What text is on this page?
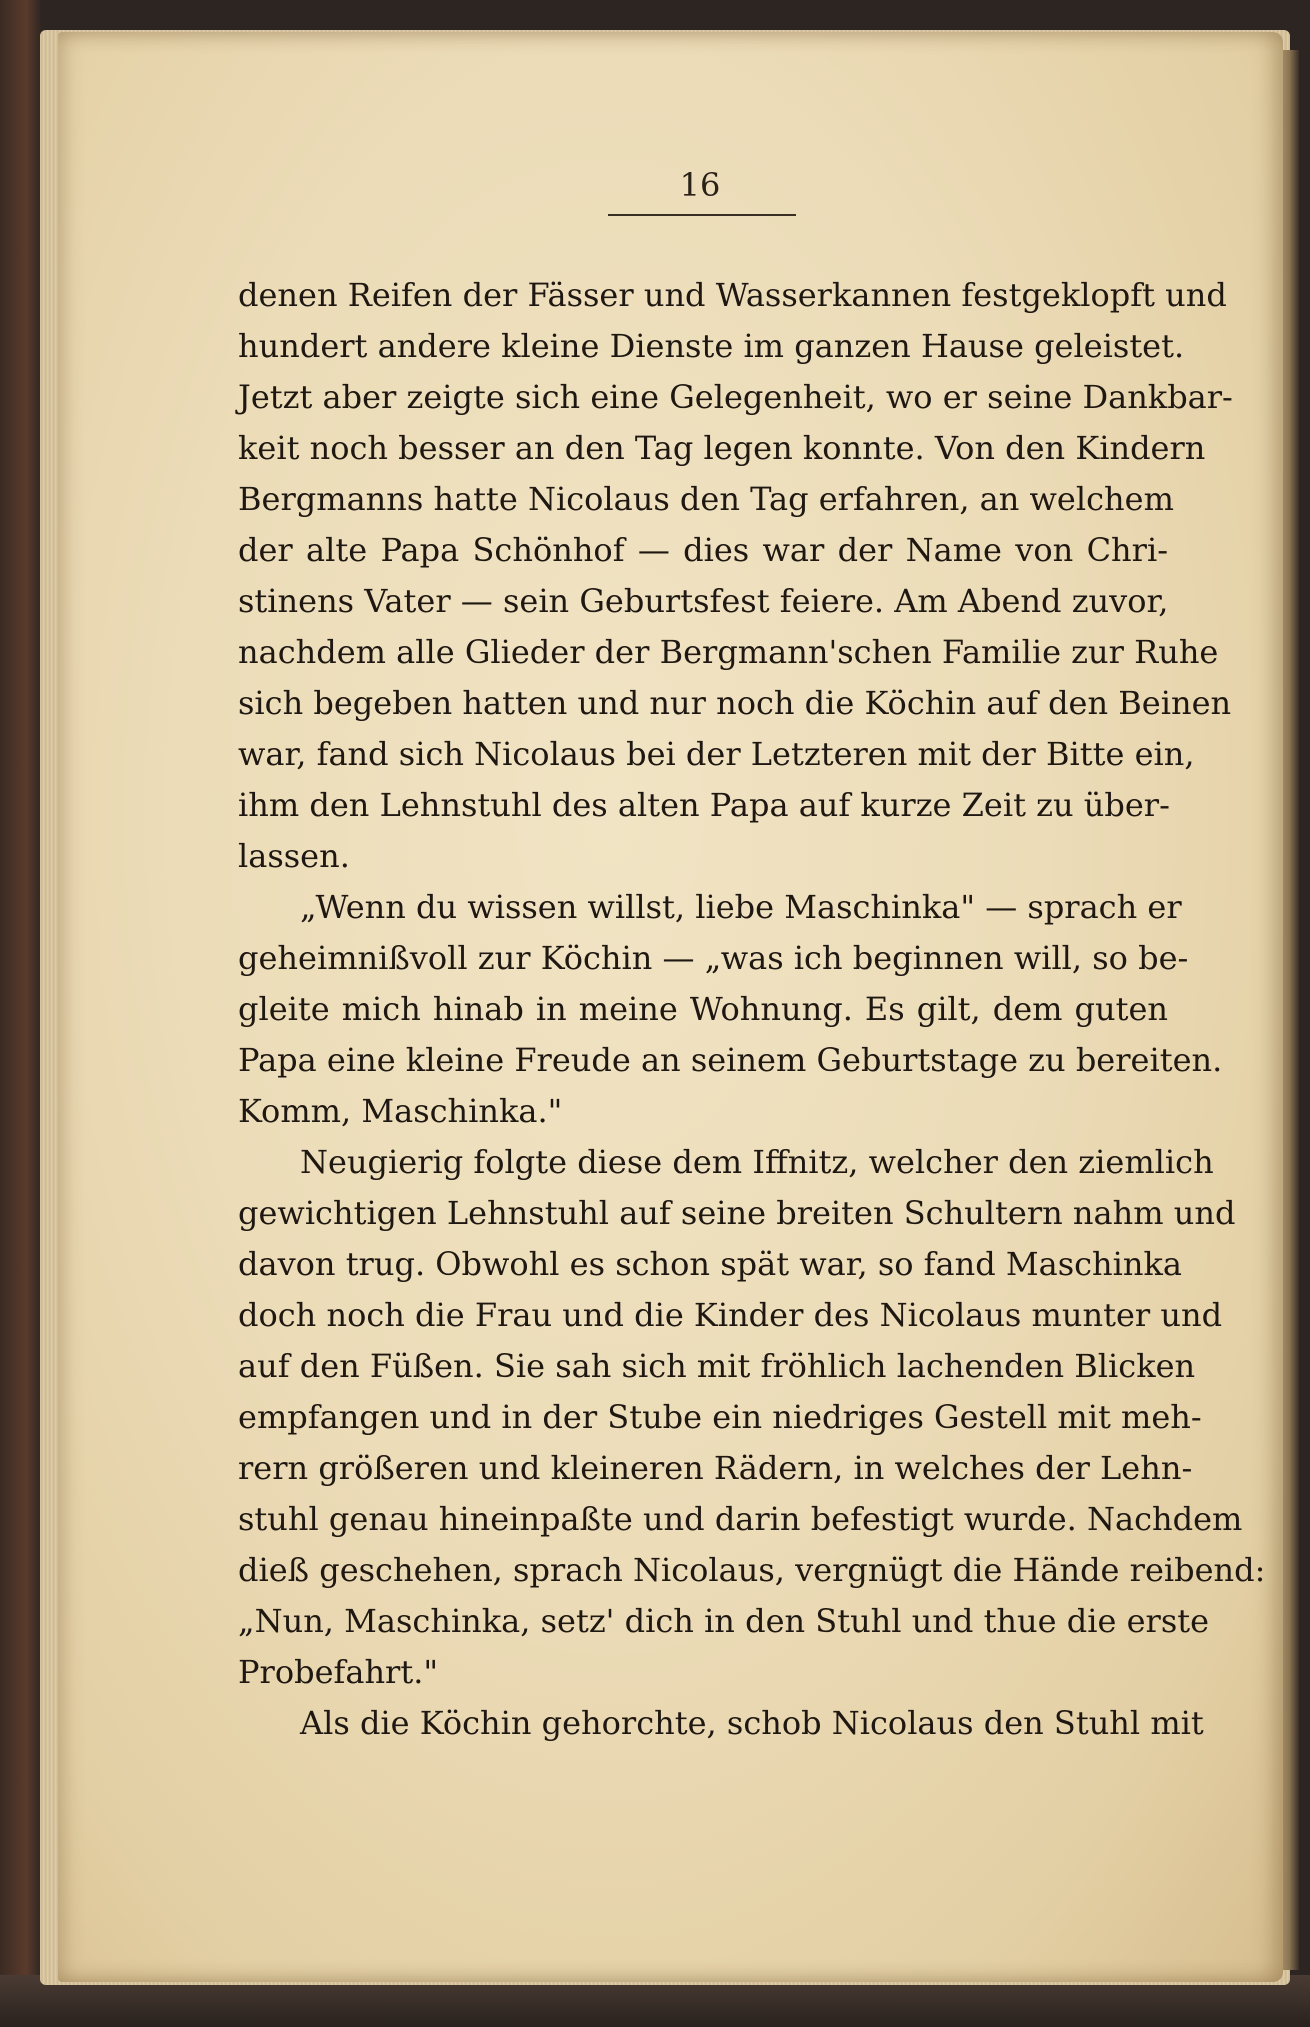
16
denen Reifen der Fässer und Wasserkannen festgeklopft und
hundert andere kleine Dienste im ganzen Hause geleistet.
Jetzt aber zeigte sich eine Gelegenheit, wo er seine Dankbar-
keit noch besser an den Tag legen konnte. Von den Kindern
Bergmanns hatte Nicolaus den Tag erfahren, an welchem
der alte Papa Schönhof — dies war der Name von Chri-
stinens Vater — sein Geburtsfest feiere. Am Abend zuvor,
nachdem alle Glieder der Bergmann'schen Familie zur Ruhe
sich begeben hatten und nur noch die Köchin auf den Beinen
war, fand sich Nicolaus bei der Letzteren mit der Bitte ein,
ihm den Lehnstuhl des alten Papa auf kurze Zeit zu über-
lassen.
„Wenn du wissen willst, liebe Maschinka" — sprach er
geheimnißvoll zur Köchin — „was ich beginnen will, so be-
gleite mich hinab in meine Wohnung. Es gilt, dem guten
Papa eine kleine Freude an seinem Geburtstage zu bereiten.
Komm, Maschinka."
Neugierig folgte diese dem Iffnitz, welcher den ziemlich
gewichtigen Lehnstuhl auf seine breiten Schultern nahm und
davon trug. Obwohl es schon spät war, so fand Maschinka
doch noch die Frau und die Kinder des Nicolaus munter und
auf den Füßen. Sie sah sich mit fröhlich lachenden Blicken
empfangen und in der Stube ein niedriges Gestell mit meh-
rern größeren und kleineren Rädern, in welches der Lehn-
stuhl genau hineinpaßte und darin befestigt wurde. Nachdem
dieß geschehen, sprach Nicolaus, vergnügt die Hände reibend:
„Nun, Maschinka, setz' dich in den Stuhl und thue die erste
Probefahrt."
Als die Köchin gehorchte, schob Nicolaus den Stuhl mit
